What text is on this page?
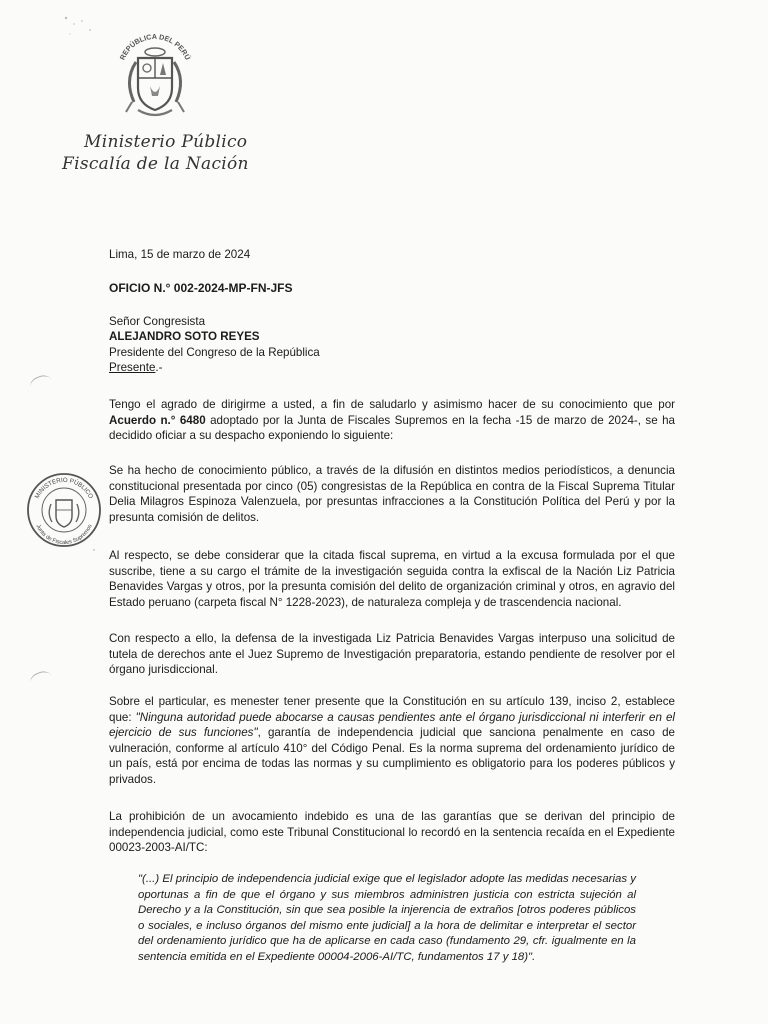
REPÚBLICA DEL PERÚ
Ministerio Público
Fiscalía de la Nación
Lima, 15 de marzo de 2024
OFICIO N.° 002-2024-MP-FN-JFS
Señor Congresista
ALEJANDRO SOTO REYES
Presidente del Congreso de la República
Presente.-
Tengo el agrado de dirigirme a usted, a fin de saludarlo y asimismo hacer de su conocimiento que por Acuerdo n.° 6480 adoptado por la Junta de Fiscales Supremos en la fecha -15 de marzo de 2024-, se ha decidido oficiar a su despacho exponiendo lo siguiente:
Se ha hecho de conocimiento público, a través de la difusión en distintos medios periodísticos, a denuncia constitucional presentada por cinco (05) congresistas de la República en contra de la Fiscal Suprema Titular Delia Milagros Espinoza Valenzuela, por presuntas infracciones a la Constitución Política del Perú y por la presunta comisión de delitos.
Al respecto, se debe considerar que la citada fiscal suprema, en virtud a la excusa formulada por el que suscribe, tiene a su cargo el trámite de la investigación seguida contra la exfiscal de la Nación Liz Patricia Benavides Vargas y otros, por la presunta comisión del delito de organización criminal y otros, en agravio del Estado peruano (carpeta fiscal N° 1228-2023), de naturaleza compleja y de trascendencia nacional.
Con respecto a ello, la defensa de la investigada Liz Patricia Benavides Vargas interpuso una solicitud de tutela de derechos ante el Juez Supremo de Investigación preparatoria, estando pendiente de resolver por el órgano jurisdiccional.
Sobre el particular, es menester tener presente que la Constitución en su artículo 139, inciso 2, establece que: "Ninguna autoridad puede abocarse a causas pendientes ante el órgano jurisdiccional ni interferir en el ejercicio de sus funciones", garantía de independencia judicial que sanciona penalmente en caso de vulneración, conforme al artículo 410° del Código Penal. Es la norma suprema del ordenamiento jurídico de un país, está por encima de todas las normas y su cumplimiento es obligatorio para los poderes públicos y privados.
La prohibición de un avocamiento indebido es una de las garantías que se derivan del principio de independencia judicial, como este Tribunal Constitucional lo recordó en la sentencia recaída en el Expediente 00023-2003-AI/TC:
"(...) El principio de independencia judicial exige que el legislador adopte las medidas necesarias y oportunas a fin de que el órgano y sus miembros administren justicia con estricta sujeción al Derecho y a la Constitución, sin que sea posible la injerencia de extraños [otros poderes públicos o sociales, e incluso órganos del mismo ente judicial] a la hora de delimitar e interpretar el sector del ordenamiento jurídico que ha de aplicarse en cada caso (fundamento 29, cfr. igualmente en la sentencia emitida en el Expediente 00004-2006-AI/TC, fundamentos 17 y 18)".
MINISTERIO PÚBLICO
Junta de Fiscales Supremos
·
